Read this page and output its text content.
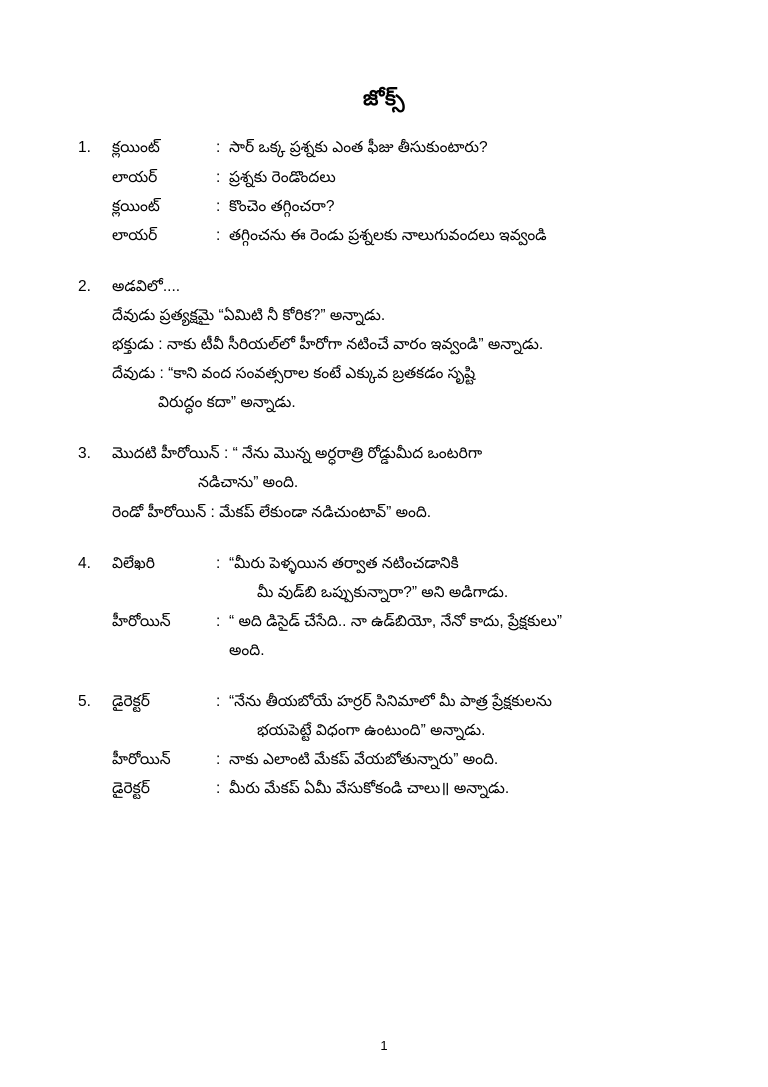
జోక్స్
1.	క్లయింట్	: సార్ ఒక్క ప్రశ్నకు ఎంత ఫీజు తీసుకుంటారు?
లాయర్	: ప్రశ్నకు రెండొందలు
క్లయింట్	: కొంచెం తగ్గించరా?
లాయర్	: తగ్గించను ఈ రెండు ప్రశ్నలకు నాలుగువందలు ఇవ్వండి
2.	అడవిలో....
దేవుడు ప్రత్యక్షమై “ఏమిటి నీ కోరిక?” అన్నాడు.
భక్తుడు : నాకు టీవీ సీరియల్‌లో హీరోగా నటించే వారం ఇవ్వండి” అన్నాడు.
దేవుడు : “కాని వంద సంవత్సరాల కంటే ఎక్కువ బ్రతకడం సృష్టి
విరుద్ధం కదా” అన్నాడు.
3.	మొదటి హీరోయిన్ : “ నేను మొన్న అర్ధరాత్రి రోడ్డుమీద ఒంటరిగా
నడిచాను” అంది.
రెండో హీరోయిన్ : మేకప్ లేకుండా నడిచుంటావ్” అంది.
4.	విలేఖరి	: “మీరు పెళ్ళయిన తర్వాత నటించడానికి
మీ వుడ్‌బి ఒప్పుకున్నారా?” అని అడిగాడు.
హీరోయిన్	: “ అది డిసైడ్ చేసేది.. నా ఉడ్‌బియో, నేనో కాదు, ప్రేక్షకులు”
అంది.
5.	డైరెక్టర్	: “నేను తీయబోయే హర్రర్ సినిమాలో మీ పాత్ర ప్రేక్షకులను
భయపెట్టే విధంగా ఉంటుంది” అన్నాడు.
హీరోయిన్	: నాకు ఎలాంటి మేకప్ వేయబోతున్నారు” అంది.
డైరెక్టర్	: మీరు మేకప్ ఏమీ వేసుకోకండి చాలు॥ అన్నాడు.
1
